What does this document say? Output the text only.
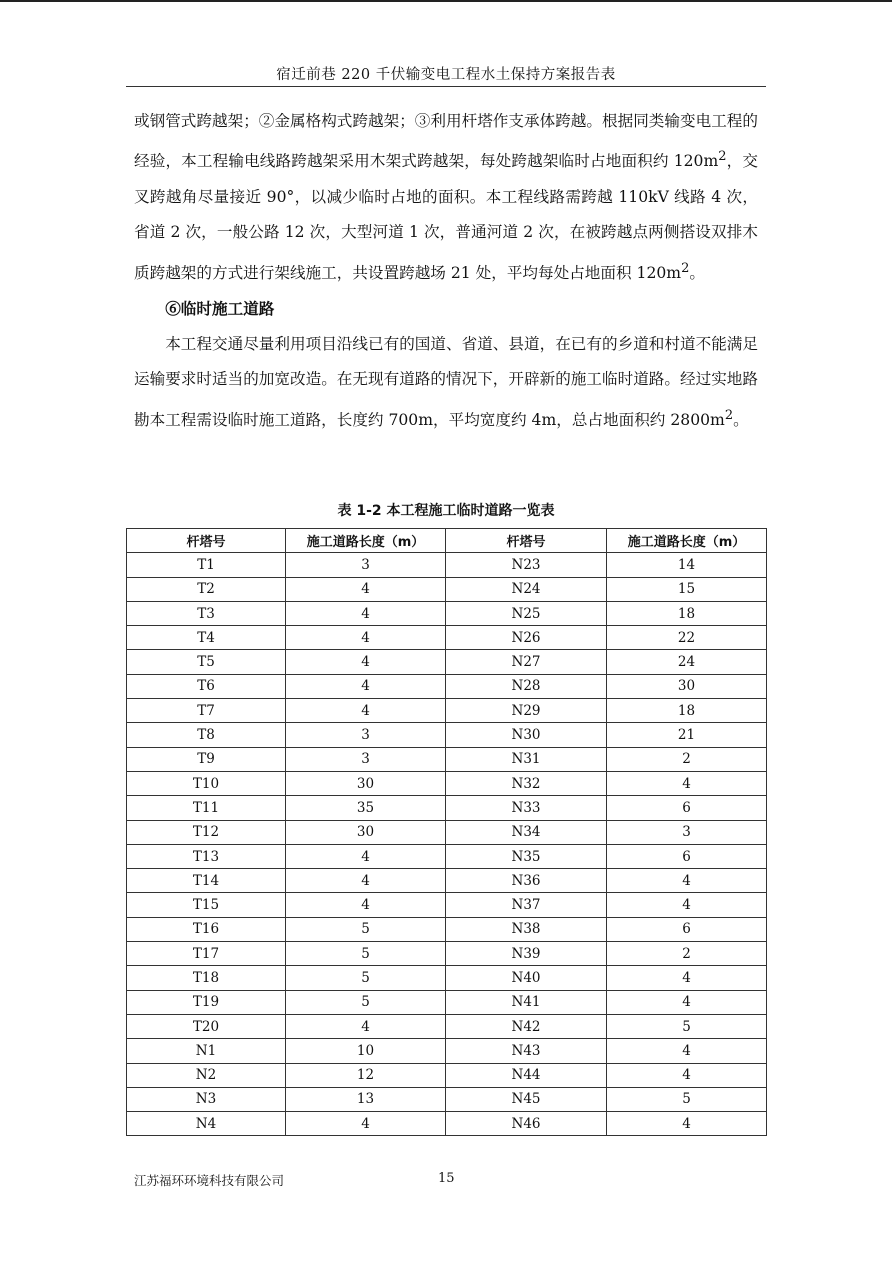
宿迁前巷 220 千伏输变电工程水土保持方案报告表

或钢管式跨越架；②金属格构式跨越架；③利用杆塔作支承体跨越。根据同类输变电工程的经验，本工程输电线路跨越架采用木架式跨越架，每处跨越架临时占地面积约 $120m^2$，交叉跨越角尽量接近 90°，以减少临时占地的面积。本工程线路需跨越 110kV 线路 4 次，省道 2 次，一般公路 12 次，大型河道 1 次，普通河道 2 次，在被跨越点两侧搭设双排木质跨越架的方式进行架线施工，共设置跨越场 21 处，平均每处占地面积 $120m^2$。

⑥临时施工道路

本工程交通尽量利用项目沿线已有的国道、省道、县道，在已有的乡道和村道不能满足运输要求时适当的加宽改造。在无现有道路的情况下，开辟新的施工临时道路。经过实地路勘本工程需设临时施工道路，长度约 700m，平均宽度约 4m，总占地面积约 $2800m^2$。

表 1-2 本工程施工临时道路一览表
杆塔号	施工道路长度（m）	杆塔号	施工道路长度（m）
T1	3	N23	14
T2	4	N24	15
T3	4	N25	18
T4	4	N26	22
T5	4	N27	24
T6	4	N28	30
T7	4	N29	18
T8	3	N30	21
T9	3	N31	2
T10	30	N32	4
T11	35	N33	6
T12	30	N34	3
T13	4	N35	6
T14	4	N36	4
T15	4	N37	4
T16	5	N38	6
T17	5	N39	2
T18	5	N40	4
T19	5	N41	4
T20	4	N42	5
N1	10	N43	4
N2	12	N44	4
N3	13	N45	5
N4	4	N46	4
江苏福环环境科技有限公司	15
